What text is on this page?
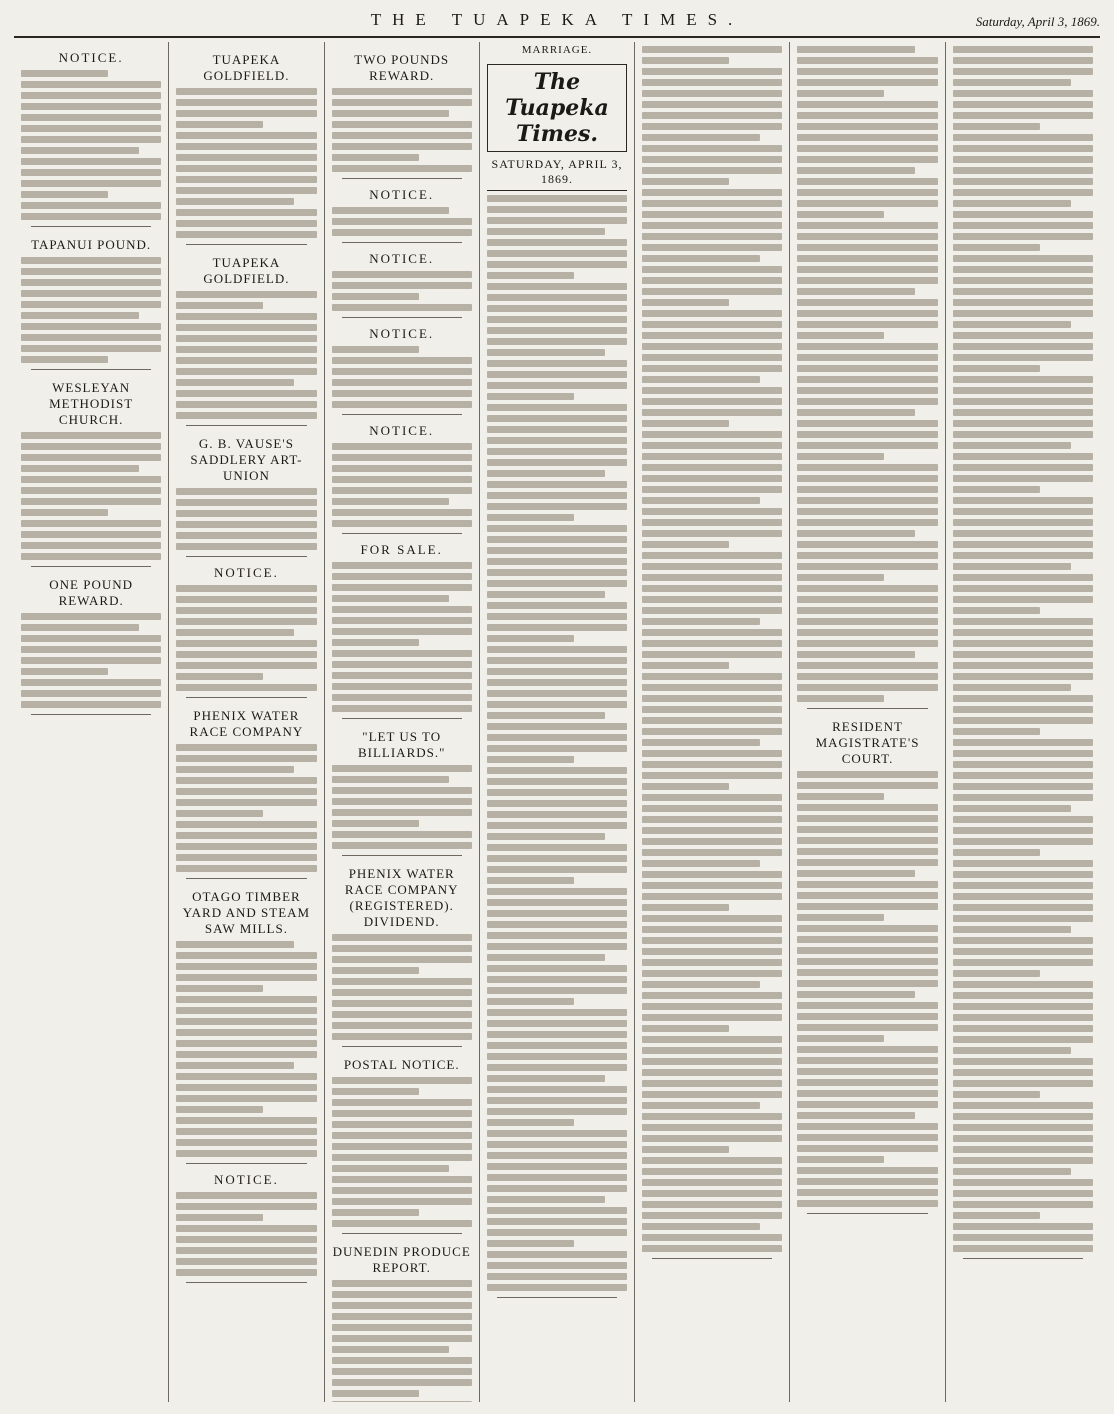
THE TUAPEKA TIMES.	Saturday, April 3, 1869.
NOTICE.
TAPANUI POUND.
WESLEYAN METHODIST CHURCH.
ONE POUND REWARD.
TUAPEKA GOLDFIELD.
TUAPEKA GOLDFIELD.
G. B. VAUSE'S SADDLERY ART-UNION
NOTICE.
PHENIX WATER RACE COMPANY
OTAGO TIMBER YARD AND STEAM SAW MILLS.
NOTICE.
TWO POUNDS REWARD.
NOTICE.
NOTICE.
NOTICE.
NOTICE.
FOR SALE.
"LET US TO BILLIARDS."
PHENIX WATER RACE COMPANY (REGISTERED). DIVIDEND.
POSTAL NOTICE.
DUNEDIN PRODUCE REPORT.
MARRIAGE.
The Tuapeka Times.
SATURDAY, APRIL 3, 1869.
RESIDENT MAGISTRATE'S COURT.
